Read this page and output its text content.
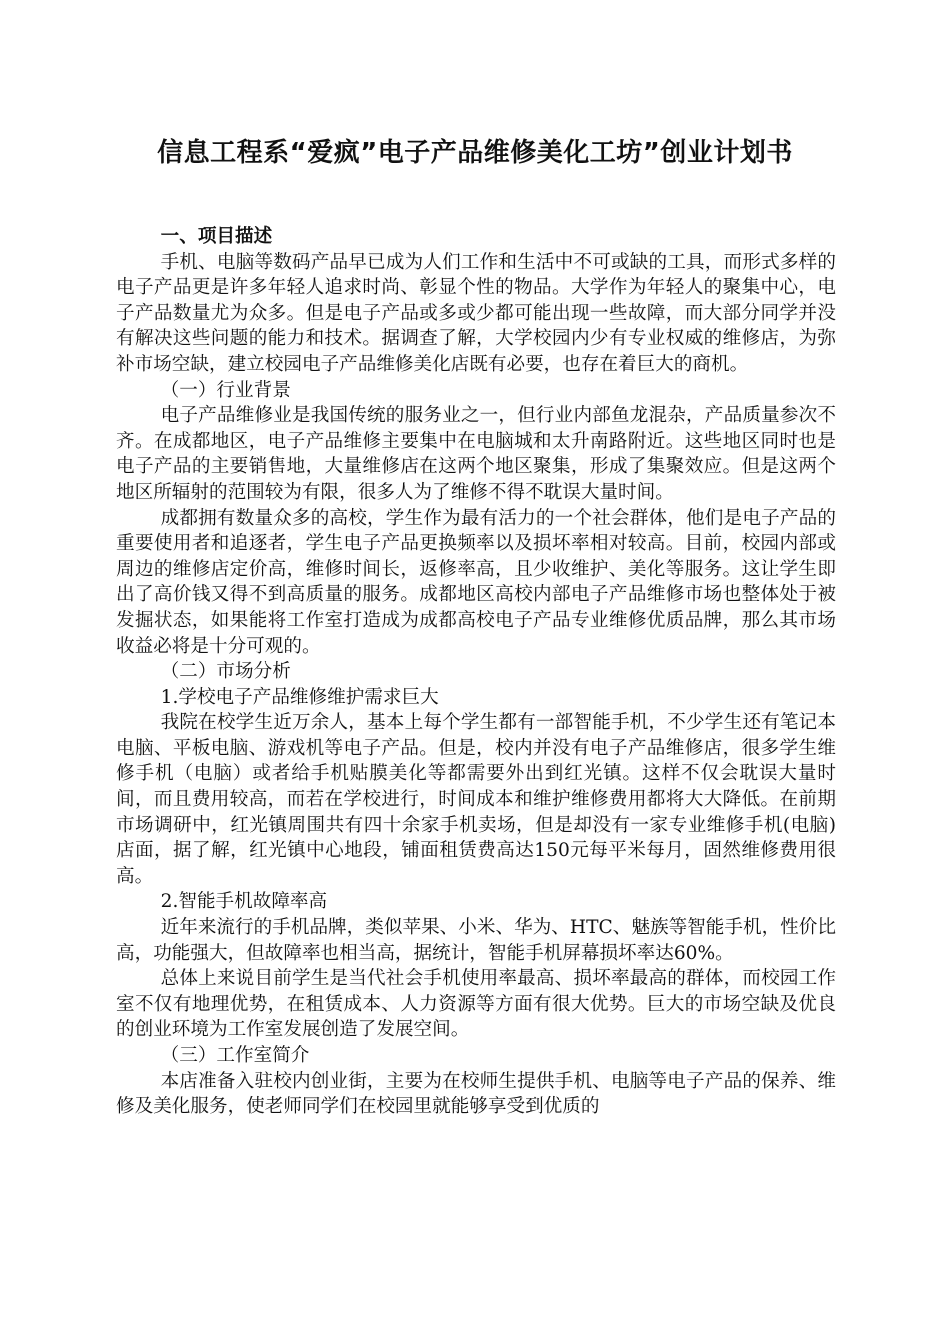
信息工程系“爱疯”电子产品维修美化工坊”创业计划书

一、项目描述

手机、电脑等数码产品早已成为人们工作和生活中不可或缺的工具，而形式多样的电子产品更是许多年轻人追求时尚、彰显个性的物品。大学作为年轻人的聚集中心，电子产品数量尤为众多。但是电子产品或多或少都可能出现一些故障，而大部分同学并没有解决这些问题的能力和技术。据调查了解，大学校园内少有专业权威的维修店，为弥补市场空缺，建立校园电子产品维修美化店既有必要，也存在着巨大的商机。

（一）行业背景

电子产品维修业是我国传统的服务业之一，但行业内部鱼龙混杂，产品质量参次不齐。在成都地区，电子产品维修主要集中在电脑城和太升南路附近。这些地区同时也是电子产品的主要销售地，大量维修店在这两个地区聚集，形成了集聚效应。但是这两个地区所辐射的范围较为有限，很多人为了维修不得不耽误大量时间。

成都拥有数量众多的高校，学生作为最有活力的一个社会群体，他们是电子产品的重要使用者和追逐者，学生电子产品更换频率以及损坏率相对较高。目前，校园内部或周边的维修店定价高，维修时间长，返修率高，且少收维护、美化等服务。这让学生即出了高价钱又得不到高质量的服务。成都地区高校内部电子产品维修市场也整体处于被发掘状态，如果能将工作室打造成为成都高校电子产品专业维修优质品牌，那么其市场收益必将是十分可观的。

（二）市场分析

1.学校电子产品维修维护需求巨大

我院在校学生近万余人，基本上每个学生都有一部智能手机，不少学生还有笔记本电脑、平板电脑、游戏机等电子产品。但是，校内并没有电子产品维修店，很多学生维修手机（电脑）或者给手机贴膜美化等都需要外出到红光镇。这样不仅会耽误大量时间，而且费用较高，而若在学校进行，时间成本和维护维修费用都将大大降低。在前期市场调研中，红光镇周围共有四十余家手机卖场，但是却没有一家专业维修手机(电脑)店面，据了解，红光镇中心地段，铺面租赁费高达150元每平米每月，固然维修费用很高。

2.智能手机故障率高

近年来流行的手机品牌，类似苹果、小米、华为、HTC、魅族等智能手机，性价比高，功能强大，但故障率也相当高，据统计，智能手机屏幕损坏率达60%。

总体上来说目前学生是当代社会手机使用率最高、损坏率最高的群体，而校园工作室不仅有地理优势，在租赁成本、人力资源等方面有很大优势。巨大的市场空缺及优良的创业环境为工作室发展创造了发展空间。

（三）工作室简介

本店准备入驻校内创业街，主要为在校师生提供手机、电脑等电子产品的保养、维修及美化服务，使老师同学们在校园里就能够享受到优质的
